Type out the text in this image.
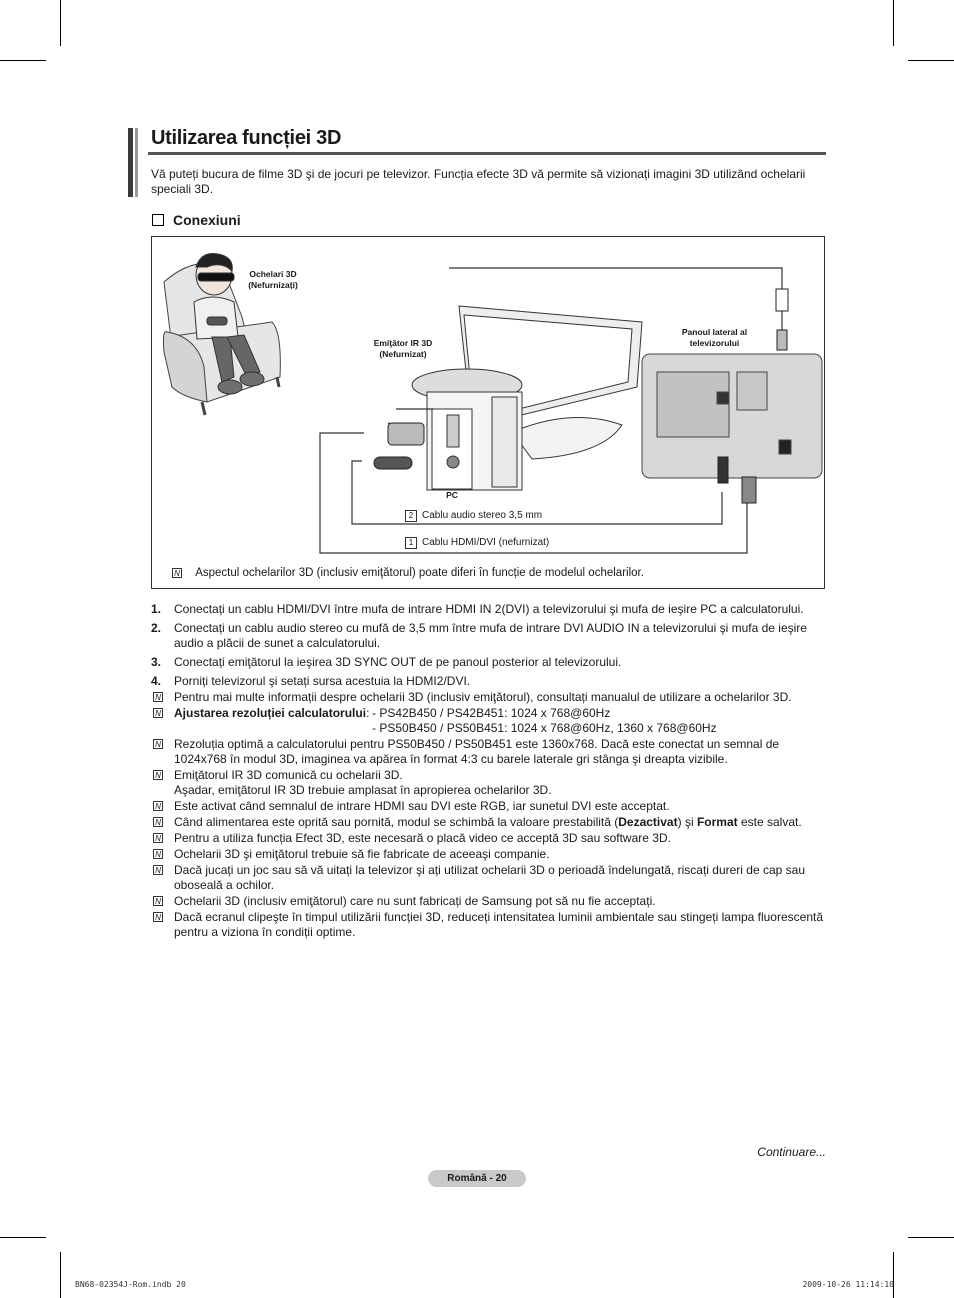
Utilizarea funcției 3D
Vă puteți bucura de filme 3D şi de jocuri pe televizor. Funcția efecte 3D vă permite să vizionați imagini 3D utilizând ochelarii speciali 3D.
Conexiuni
Ochelari 3D
(Nefurnizați)
Emiţător IR 3D
(Nefurnizat)
Panoul lateral al
televizorului
PC
2 Cablu audio stereo 3,5 mm
1 Cablu HDMI/DVI (nefurnizat)
N Aspectul ochelarilor 3D (inclusiv emiţătorul) poate diferi în funcție de modelul ochelarilor.
1. Conectați un cablu HDMI/DVI între mufa de intrare HDMI IN 2(DVI) a televizorului şi mufa de ieşire PC a calculatorului.
2. Conectați un cablu audio stereo cu mufă de 3,5 mm între mufa de intrare DVI AUDIO IN a televizorului şi mufa de ieşire audio a plăcii de sunet a calculatorului.
3. Conectați emiţătorul la ieşirea 3D SYNC OUT de pe panoul posterior al televizorului.
4. Porniți televizorul şi setați sursa acestuia la HDMI2/DVI.
N Pentru mai multe informații despre ochelarii 3D (inclusiv emiţătorul), consultați manualul de utilizare a ochelarilor 3D.
N Ajustarea rezoluției calculatorului: - PS42B450 / PS42B451: 1024 x 768@60Hz
- PS50B450 / PS50B451: 1024 x 768@60Hz, 1360 x 768@60Hz
N Rezoluția optimă a calculatorului pentru PS50B450 / PS50B451 este 1360x768. Dacă este conectat un semnal de 1024x768 în modul 3D, imaginea va apărea în format 4:3 cu barele laterale gri stânga şi dreapta vizibile.
N Emiţătorul IR 3D comunică cu ochelarii 3D.
Aşadar, emiţătorul IR 3D trebuie amplasat în apropierea ochelarilor 3D.
N Este activat când semnalul de intrare HDMI sau DVI este RGB, iar sunetul DVI este acceptat.
N Când alimentarea este oprită sau pornită, modul se schimbă la valoare prestabilită (Dezactivat) şi Format este salvat.
N Pentru a utiliza funcția Efect 3D, este necesară o placă video ce acceptă 3D sau software 3D.
N Ochelarii 3D şi emiţătorul trebuie să fie fabricate de aceeaşi companie.
N Dacă jucați un joc sau să vă uitați la televizor şi ați utilizat ochelarii 3D o perioadă îndelungată, riscați dureri de cap sau oboseală a ochilor.
N Ochelarii 3D (inclusiv emiţătorul) care nu sunt fabricați de Samsung pot să nu fie acceptați.
N Dacă ecranul clipeşte în timpul utilizării funcției 3D, reduceți intensitatea luminii ambientale sau stingeți lampa fluorescentă pentru a viziona în condiții optime.
Continuare...
Română - 20
BN68-02354J-Rom.indb 20	2009-10-26 11:14:10
